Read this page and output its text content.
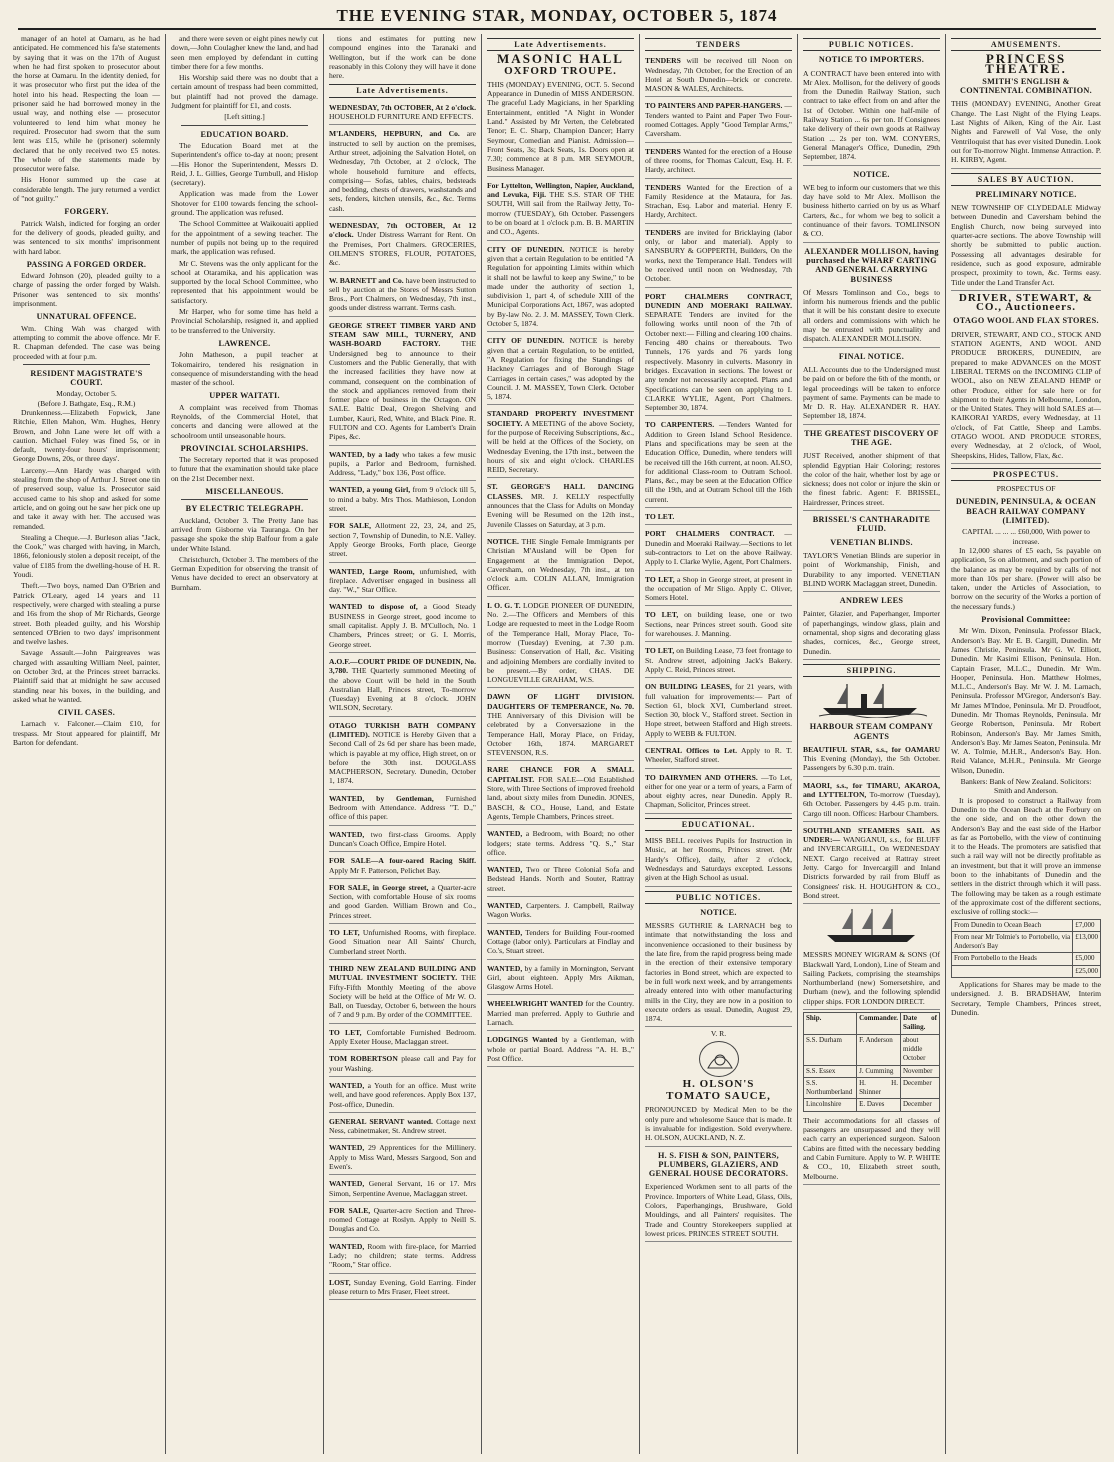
THE EVENING STAR, MONDAY, OCTOBER 5, 1874

manager of an hotel at Oamaru, as he had anticipated. He commenced his fa'se statements by saying that it was on the 17th of August when he had first spoken to prosecutor about the horse at Oamaru. In the identity denied, for it was prosecutor who first put the idea of the hotel into his head. Respecting the loan — prisoner said he had borrowed money in the usual way, and nothing else — prosecutor volunteered to lend him what money he required. Prosecutor had sworn that the sum lent was £15, while he (prisoner) solemnly declared that he only received two £5 notes. The whole of the statements made by prosecutor were false.

His Honor summed up the case at considerable length. The jury returned a verdict of "not guilty."

FORGERY.

Patrick Walsh, indicted for forging an order for the delivery of goods, pleaded guilty, and was sentenced to six months' imprisonment with hard labor.

PASSING A FORGED ORDER.

Edward Johnson (20), pleaded guilty to a charge of passing the order forged by Walsh. Prisoner was sentenced to six months' imprisonment.

UNNATURAL OFFENCE.

Wm. Ching Wah was charged with attempting to commit the above offence. Mr F. R. Chapman defended. The case was being proceeded with at four p.m.

RESIDENT MAGISTRATE'S COURT.
Monday, October 5.
(Before J. Bathgate, Esq., R.M.)

Drunkenness.—Elizabeth Fopwick, Jane Ritchie, Ellen Mahon, Wm. Hughes, Henry Brown, and John Lane were let off with a caution. Michael Foley was fined 5s, or in default, twenty-four hours' imprisonment; George Downs, 20s, or three days'.

Larceny.—Ann Hardy was charged with stealing from the shop of Arthur J. Street one tin of preserved soup, value 1s. Prosecutor said accused came to his shop and asked for some article, and on going out he saw her pick one up and take it away with her. The accused was remanded.

Stealing a Cheque.—J. Burleson alias "Jack, the Cook," was charged with having, in March, 1866, feloniously stolen a deposit receipt, of the value of £185 from the dwelling-house of H. R. Youdi.

Theft.—Two boys, named Dan O'Brien and Patrick O'Leary, aged 14 years and 11 respectively, were charged with stealing a purse and 16s from the shop of Mr Richards, George street. Both pleaded guilty, and his Worship sentenced O'Brien to two days' imprisonment and twelve lashes.

Savage Assault.—John Pairgreaves was charged with assaulting William Neel, painter, on October 3rd, at the Princes street barracks. Plaintiff said that at midnight he saw accused standing near his boxes, in the building, and asked what he wanted.

CIVIL CASES.

Larnach v. Falconer.—Claim £10, for trespass. Mr Stout appeared for plaintiff, Mr Barton for defendant.

and there were seven or eight pines newly cut down,—John Coulagher knew the land, and had seen men employed by defendant in cutting timber there for a few months.

His Worship said there was no doubt that a certain amount of trespass had been committed, but plaintiff had not proved the damage. Judgment for plaintiff for £1, and costs.

[Left sitting.]
EDUCATION BOARD.

The Education Board met at the Superintendent's office to-day at noon; present—His Honor the Superintendent, Messrs D. Reid, J. L. Gillies, George Turnbull, and Hislop (secretary).

Application was made from the Lower Shotover for £100 towards fencing the school-ground. The application was refused.

The School Committee at Waikouaiti applied for the appointment of a sewing teacher. The number of pupils not being up to the required mark, the application was refused.

Mr C. Stevens was the only applicant for the school at Otaramika, and his application was supported by the local School Committee, who represented that his appointment would be satisfactory.

Mr Harper, who for some time has held a Provincial Scholarship, resigned it, and applied to be transferred to the University.

LAWRENCE.

John Matheson, a pupil teacher at Tokomairiro, tendered his resignation in consequence of misunderstanding with the head master of the school.

UPPER WAITATI.

A complaint was received from Thomas Reynolds, of the Commercial Hotel, that concerts and dancing were allowed at the schoolroom until unseasonable hours.

PROVINCIAL SCHOLARSHIPS.

The Secretary reported that it was proposed to future that the examination should take place on the 21st December next.

MISCELLANEOUS.
BY ELECTRIC TELEGRAPH.

Auckland, October 3. The Pretty Jane has arrived from Gisborne via Tauranga. On her passage she spoke the ship Balfour from a gale under White Island.

Christchurch, October 3. The members of the German Expedition for observing the transit of Venus have decided to erect an observatory at Burnham.

tions and estimates for putting new compound engines into the Taranaki and Wellington, but if the work can be done reasonably in this Colony they will have it done here.

Late Advertisements.
WEDNESDAY, 7th OCTOBER, At 2 o'clock. HOUSEHOLD FURNITURE AND EFFECTS.
M'LANDERS, HEPBURN, and Co. are instructed to sell by auction on the premises, Arthur street, adjoining the Salvation Hotel, on Wednesday, 7th October, at 2 o'clock, The whole household furniture and effects, comprising— Sofas, tables, chairs, bedsteads and bedding, chests of drawers, washstands and sets, fenders, kitchen utensils, &c., &c. Terms cash.
WEDNESDAY, 7th OCTOBER, At 12 o'clock. Under Distress Warrant for Rent. On the Premises, Port Chalmers. GROCERIES, OILMEN'S STORES, FLOUR, POTATOES, &c.
W. BARNETT and Co. have been instructed to sell by auction at the Stores of Messrs Sutton Bros., Port Chalmers, on Wednesday, 7th inst., goods under distress warrant. Terms cash.
GEORGE STREET TIMBER YARD AND STEAM SAW MILL, TURNERY, AND WASH-BOARD FACTORY.	THE Undersigned beg to announce to their Customers and the Public Generally, that with the increased facilities they have now at command, consequent on the combination of the stock and appliances removed from their former place of business in the Octagon. ON SALE. Baltic Deal, Oregon Shelving and Lumber, Kauri, Red, White, and Black Pine. R. FULTON and CO. Agents for Lambert's Drain Pipes, &c.
WANTED, by a lady who takes a few music pupils, a Parlor and Bedroom, furnished. Address, "Lady," box 136, Post office.
WANTED, a young Girl, from 9 o'clock till 5, to mind a baby. Mrs Thos. Mathieson, London street.
FOR SALE, Allotment 22, 23, 24, and 25, section 7, Township of Dunedin, to N.E. Valley. Apply George Brooks, Forth place, George street.
WANTED, Large Room, unfurnished, with fireplace. Advertiser engaged in business all day. "W.," Star Office.
WANTED to dispose of, a Good Steady BUSINESS in George street, good income to small capitalist. Apply J. B. M'Culloch, No. 1 Chambers, Princes street; or G. I. Morris, George street.
A.O.F.—COURT PRIDE OF DUNEDIN, No. 3,780. THE Quarterly summoned Meeting of the above Court will be held in the South Australian Hall, Princes street, To-morrow (Tuesday) Evening at 8 o'clock. JOHN WILSON, Secretary.
OTAGO TURKISH BATH COMPANY (LIMITED). NOTICE is Hereby Given that a Second Call of 2s 6d per share has been made, which is payable at my office, High street, on or before the 30th inst. DOUGLASS MACPHERSON, Secretary. Dunedin, October 1, 1874.
WANTED, by Gentleman, Furnished Bedroom with Attendance. Address "T. D.," office of this paper.
WANTED, two first-class Grooms. Apply Duncan's Coach Office, Empire Hotel.
FOR SALE—A four-oared Racing Skiff. Apply Mr F. Patterson, Pelichet Bay.
FOR SALE, in George street, a Quarter-acre Section, with comfortable House of six rooms and good Garden. William Brown and Co., Princes street.
TO LET, Unfurnished Rooms, with fireplace. Good Situation near All Saints' Church, Cumberland street North.
THIRD NEW ZEALAND BUILDING AND MUTUAL INVESTMENT SOCIETY. THE Fifty-Fifth Monthly Meeting of the above Society will be held at the Office of Mr W. O. Ball, on Tuesday, October 6, between the hours of 7 and 9 p.m. By order of the COMMITTEE.
TO LET, Comfortable Furnished Bedroom. Apply Exeter House, Maclaggan street.
TOM ROBERTSON please call and Pay for your Washing.
WANTED, a Youth for an office. Must write well, and have good references. Apply Box 137, Post-office, Dunedin.
GENERAL SERVANT wanted. Cottage next Ness, cabinetmaker, St. Andrew street.
WANTED, 29 Apprentices for the Millinery. Apply to Miss Ward, Messrs Sargood, Son and Ewen's.
WANTED, General Servant, 16 or 17. Mrs Simon, Serpentine Avenue, Maclaggan street.
FOR SALE, Quarter-acre Section and Three-roomed Cottage at Roslyn. Apply to Neill S. Douglas and Co.
WANTED, Room with fire-place, for Married Lady; no children; state terms. Address "Room," Star office.
LOST, Sunday Evening, Gold Earring. Finder please return to Mrs Fraser, Fleet street.
Late Advertisements.
MASONIC HALL
OXFORD TROUPE.
THIS (MONDAY) EVENING, OCT. 5. Second Appearance in Dunedin of MISS ANDERSON. The graceful Lady Magicians, in her Sparkling Entertainment, entitled "A Night in Wonder Land." Assisted by Mr Verten, the Celebrated Tenor; E. C. Sharp, Champion Dancer; Harry Seymour, Comedian and Pianist. Admission—Front Seats, 3s; Back Seats, 1s. Doors open at 7.30; commence at 8 p.m. MR SEYMOUR, Business Manager.
For Lyttelton, Wellington, Napier, Auckland, and Levuka, Fiji. THE S.S. STAR OF THE SOUTH, Will sail from the Railway Jetty, To-morrow (TUESDAY), 6th October. Passengers to be on board at 1 o'clock p.m. B. B. MARTIN and CO., Agents.
CITY OF DUNEDIN. NOTICE is hereby given that a certain Regulation to be entitled "A Regulation for appointing Limits within which it shall not be lawful to keep any Swine," to be made under the authority of section 1, subdivision 1, part 4, of schedule XIII of the Municipal Corporations Act, 1867, was adopted by By-law No. 2. J. M. MASSEY, Town Clerk. October 5, 1874.
CITY OF DUNEDIN. NOTICE is hereby given that a certain Regulation, to be entitled, "A Regulation for fixing the Standings of Hackney Carriages and of Borough Stage Carriages in certain cases," was adopted by the Council. J. M. MASSEY, Town Clerk. October 5, 1874.
STANDARD PROPERTY INVESTMENT SOCIETY. A MEETING of the above Society, for the purpose of Receiving Subscriptions, &c., will be held at the Offices of the Society, on Wednesday Evening, the 17th inst., between the hours of six and eight o'clock. CHARLES REID, Secretary.
ST. GEORGE'S HALL DANCING CLASSES. MR. J. KELLY respectfully announces that the Class for Adults on Monday Evening will be Resumed on the 12th inst., Juvenile Classes on Saturday, at 3 p.m.
NOTICE. THE Single Female Immigrants per Christian M'Ausland will be Open for Engagement at the Immigration Depot, Caversham, on Wednesday, 7th inst., at ten o'clock a.m. COLIN ALLAN, Immigration Officer.
I. O. G. T. LODGE PIONEER OF DUNEDIN, No. 2.—The Officers and Members of this Lodge are requested to meet in the Lodge Room of the Temperance Hall, Moray Place, To-morrow (Tuesday) Evening, at 7.30 p.m. Business: Conservation of Hall, &c. Visiting and adjoining Members are cordially invited to be present.—By order, CHAS. DE LONGUEVILLE GRAHAM, W.S.
DAWN OF LIGHT DIVISION. DAUGHTERS OF TEMPERANCE, No. 70. THE Anniversary of this Division will be celebrated by a Conversazione in the Temperance Hall, Moray Place, on Friday, October 16th, 1874. MARGARET STEVENSON, R.S.
RARE CHANCE FOR A SMALL CAPITALIST. FOR SALE—Old Established Store, with Three Sections of improved freehold land, about sixty miles from Dunedin. JONES, BASCH, & CO., House, Land, and Estate Agents, Temple Chambers, Princes street.
WANTED, a Bedroom, with Board; no other lodgers; state terms. Address "Q. S.," Star office.
WANTED, Two or Three Colonial Sofa and Bedstead Hands. North and Souter, Rattray street.
WANTED, Carpenters. J. Campbell, Railway Wagon Works.
WANTED, Tenders for Building Four-roomed Cottage (labor only). Particulars at Findlay and Co.'s, Stuart street.
WANTED, by a family in Mornington, Servant Girl, about eighteen. Apply Mrs Aikman, Glasgow Arms Hotel.
WHEELWRIGHT WANTED for the Country. Married man preferred. Apply to Guthrie and Larnach.
LODGINGS Wanted by a Gentleman, with whole or partial Board. Address "A. H. B.," Post Office.
TENDERS
TENDERS will be received till Noon on Wednesday, 7th October, for the Erection of an Hotel at South Dunedin—brick or concrete. MASON & WALES, Architects.
TO PAINTERS AND PAPER-HANGERS. —Tenders wanted to Paint and Paper Two Four-roomed Cottages. Apply "Good Templar Arms," Caversham.
TENDERS Wanted for the erection of a House of three rooms, for Thomas Calcutt, Esq. H. F. Hardy, architect.
TENDERS Wanted for the Erection of a Family Residence at the Mataura, for Jas. Strachan, Esq. Labor and material. Henry F. Hardy, Architect.
TENDERS are invited for Bricklaying (labor only, or labor and material). Apply to SANSBURY & GOPPERTH, Builders, On the works, next the Temperance Hall. Tenders will be received until noon on Wednesday, 7th October.
PORT CHALMERS CONTRACT, DUNEDIN AND MOERAKI RAILWAY. SEPARATE Tenders are invited for the following works until noon of the 7th of October next:— Filling and clearing 100 chains. Fencing 480 chains or thereabouts. Two Tunnels, 176 yards and 76 yards long respectively. Masonry in culverts. Masonry in bridges. Excavation in sections. The lowest or any tender not necessarily accepted. Plans and Specifications can be seen on applying to I. CLARKE WYLIE, Agent, Port Chalmers. September 30, 1874.
TO CARPENTERS. —Tenders Wanted for Addition to Green Island School Residence. Plans and specifications may be seen at the Education Office, Dunedin, where tenders will be received till the 16th current, at noon. ALSO, for additional Class-room to Outram School. Plans, &c., may be seen at the Education Office till the 19th, and at Outram School till the 16th current.
TO LET.
PORT CHALMERS CONTRACT. —Dunedin and Moeraki Railway.—Sections to let sub-contractors to Let on the above Railway. Apply to I. Clarke Wylie, Agent, Port Chalmers.
TO LET, a Shop in George street, at present in the occupation of Mr Sligo. Apply C. Oliver, Somers Hotel.
TO LET, on building lease, one or two Sections, near Princes street south. Good site for warehouses. J. Manning.
TO LET, on Building Lease, 73 feet frontage to St. Andrew street, adjoining Jack's Bakery. Apply C. Reid, Princes street.
ON BUILDING LEASES, for 21 years, with full valuation for improvements:— Part of Section 61, block XVI, Cumberland street. Section 30, block V., Stafford street. Section in Hope street, between Stafford and High streets. Apply to WEBB & FULTON.
CENTRAL Offices to Let. Apply to R. T. Wheeler, Stafford street.
TO DAIRYMEN AND OTHERS. —To Let, either for one year or a term of years, a Farm of about eighty acres, near Dunedin. Apply R. Chapman, Solicitor, Princes street.
EDUCATIONAL.
MISS BELL receives Pupils for Instruction in Music, at her Rooms, Princes street. (Mr Hardy's Office), daily, after 2 o'clock, Wednesdays and Saturdays excepted. Lessons given at the High School as usual.
PUBLIC NOTICES.
NOTICE.
MESSRS GUTHRIE & LARNACH beg to intimate that notwithstanding the loss and inconvenience occasioned to their business by the late fire, from the rapid progress being made in the erection of their extensive temporary factories in Bond street, which are expected to be in full work next week, and by arrangements already entered into with other manufacturing mills in the City, they are now in a position to execute orders as usual. Dunedin, August 29, 1874.
V. R.
H. OLSON'S
TOMATO SAUCE,
PRONOUNCED by Medical Men to be the only pure and wholesome Sauce that is made. It is invaluable for indigestion. Sold everywhere. H. OLSON, AUCKLAND, N. Z.
H. S. FISH & SON, PAINTERS, PLUMBERS, GLAZIERS, AND GENERAL HOUSE DECORATORS.
Experienced Workmen sent to all parts of the Province. Importers of White Lead, Glass, Oils, Colors, Paperhangings, Brushware, Gold Mouldings, and all Painters' requisites. The Trade and Country Storekeepers supplied at lowest prices. PRINCES STREET SOUTH.
PUBLIC NOTICES.
NOTICE TO IMPORTERS.
A CONTRACT have been entered into with Mr Alex. Mollison, for the delivery of goods from the Dunedin Railway Station, such contract to take effect from on and after the 1st of October. Within one half-mile of Railway Station ... 6s per ton. If Consignees take delivery of their own goods at Railway Station ... 2s per ton. WM. CONYERS, General Manager's Office, Dunedin, 29th September, 1874.
NOTICE.
WE beg to inform our customers that we this day have sold to Mr Alex. Mollison the business hitherto carried on by us as Wharf Carters, &c., for whom we beg to solicit a continuance of their favors. TOMLINSON & CO.
ALEXANDER MOLLISON, having purchased the WHARF CARTING AND GENERAL CARRYING BUSINESS
Of Messrs Tomlinson and Co., begs to inform his numerous friends and the public that it will be his constant desire to execute all orders and commissions with which he may be entrusted with punctuality and dispatch. ALEXANDER MOLLISON.
FINAL NOTICE.
ALL Accounts due to the Undersigned must be paid on or before the 6th of the month, or legal proceedings will be taken to enforce payment of same. Payments can be made to Mr D. R. Hay. ALEXANDER R. HAY. September 18, 1874.
THE GREATEST DISCOVERY OF THE AGE.
JUST Received, another shipment of that splendid Egyptian Hair Coloring; restores the color of the hair, whether lost by age or sickness; does not color or injure the skin or the finest fabric. Agent: F. BRISSEL, Hairdresser, Princes street.
BRISSEL'S CANTHARADITE FLUID.
VENETIAN BLINDS.
TAYLOR'S Venetian Blinds are superior in point of Workmanship, Finish, and Durability to any imported. VENETIAN BLIND WORK Maclaggan street, Dunedin.
ANDREW LEES
Painter, Glazier, and Paperhanger, Importer of paperhangings, window glass, plain and ornamental, shop signs and decorating glass shades, cornices, &c., George street, Dunedin.
SHIPPING.
HARBOUR STEAM COMPANY AGENTS
BEAUTIFUL STAR, s.s., for OAMARU This Evening (Monday), the 5th October. Passengers by 6.30 p.m. train.
MAORI, s.s., for TIMARU, AKAROA, and LYTTELTON, To-morrow (Tuesday), 6th October. Passengers by 4.45 p.m. train. Cargo till noon. Offices: Harbour Chambers.
SOUTHLAND STEAMERS SAIL AS UNDER:— WANGANUI, s.s., for BLUFF and INVERCARGILL, On WEDNESDAY NEXT. Cargo received at Rattray street Jetty. Cargo for Invercargill and Inland Districts forwarded by rail from Bluff as Consignees' risk. H. HOUGHTON & CO., Bond street.
MESSRS MONEY WIGRAM & SONS (Of Blackwall Yard, London), Line of Steam and Sailing Packets, comprising the steamships Northumberland (new) Somersetshire, and Durham (new), and the following splendid clipper ships. FOR LONDON DIRECT.
Ship.	Commander.	Date of Sailing.
S.S. Durham	F. Anderson	about middle October
S.S. Essex	J. Cumming	November
S.S. Northumberland	H. H. Shinner	December
Lincolnshire	E. Daves	December
Their accommodations for all classes of passengers are unsurpassed and they will each carry an experienced surgeon. Saloon Cabins are fitted with the necessary bedding and Cabin Furniture. Apply to W. P. WHITE & CO., 10, Elizabeth street south, Melbourne.
AMUSEMENTS.
PRINCESS THEATRE.
SMITH'S ENGLISH & CONTINENTAL COMBINATION.
THIS (MONDAY) EVENING, Another Great Change. The Last Night of the Flying Leaps. Last Nights of Aiken, King of the Air. Last Nights and Farewell of Val Vose, the only Ventriloquist that has ever visited Dunedin. Look out for To-morrow Night. Immense Attraction. P. H. KIRBY, Agent.
SALES BY AUCTION.
PRELIMINARY NOTICE.
NEW TOWNSHIP OF CLYDEDALE Midway between Dunedin and Caversham behind the English Church, now being surveyed into quarter-acre sections. The above Township will shortly be submitted to public auction. Possessing all advantages desirable for residence, such as good exposure, admirable prospect, proximity to town, &c. Terms easy. Title under the Land Transfer Act.
DRIVER, STEWART, & CO., Auctioneers.
OTAGO WOOL AND FLAX STORES.
DRIVER, STEWART, AND CO., STOCK AND STATION AGENTS, AND WOOL AND PRODUCE BROKERS, DUNEDIN, are prepared to make ADVANCES on the MOST LIBERAL TERMS on the INCOMING CLIP of WOOL, also on NEW ZEALAND HEMP or other Produce, either for sale here or for shipment to their Agents in Melbourne, London, or the United States. They will hold SALES at— KAIKORAI YARDS, every Wednesday, at 11 o'clock, of Fat Cattle, Sheep and Lambs. OTAGO WOOL AND PRODUCE STORES, every Wednesday, at 2 o'clock, of Wool, Sheepskins, Hides, Tallow, Flax, &c.
PROSPECTUS.
PROSPECTUS OF
DUNEDIN, PENINSULA, & OCEAN BEACH RAILWAY COMPANY (LIMITED).
CAPITAL ... ... ... £60,000, With power to increase.

In 12,000 shares of £5 each, 5s payable on application, 5s on allotment, and such portion of the balance as may be required by calls of not more than 10s per share. (Power will also be taken, under the Articles of Association, to borrow on the security of the Works a portion of the necessary funds.)

Provisional Committee:

Mr Wm. Dixon, Peninsula. Professor Black, Anderson's Bay. Mr E. B. Cargill, Dunedin. Mr James Christie, Peninsula. Mr G. W. Elliott, Dunedin. Mr Kasimi Ellison, Peninsula. Hon. Captain Fraser, M.L.C., Dunedin. Mr Wm. Hooper, Peninsula. Hon. Matthew Holmes, M.L.C., Anderson's Bay. Mr W. J. M. Larnach, Peninsula. Professor M'Gregor, Anderson's Bay. Mr James M'Indoe, Peninsula. Mr D. Proudfoot, Dunedin. Mr Thomas Reynolds, Peninsula. Mr George Robertson, Peninsula. Mr Robert Robinson, Anderson's Bay. Mr James Smith, Anderson's Bay. Mr James Seaton, Peninsula. Mr W. A. Tolmie, M.H.R., Anderson's Bay. Hon. Reid Valance, M.H.R., Peninsula. Mr George Wilson, Dunedin.

Bankers: Bank of New Zealand. Solicitors: Smith and Anderson.

It is proposed to construct a Railway from Dunedin to the Ocean Beach at the Forbury on the one side, and on the other down the Anderson's Bay and the east side of the Harbor as far as Portobello, with the view of continuing it to the Heads. The promoters are satisfied that such a rail way will not be directly profitable as an investment, but that it will prove an immense boon to the inhabitants of Dunedin and the settlers in the district through which it will pass. The following may be taken as a rough estimate of the approximate cost of the different sections, exclusive of rolling stock:—

From Dunedin to Ocean Beach	£7,000
From near Mr Tolmie's to Portobello, via Anderson's Bay	£13,000
From Portobello to the Heads	£5,000
	£25,000

Applications for Shares may be made to the undersigned. J. B. BRADSHAW, Interim Secretary, Temple Chambers, Princes street, Dunedin.
